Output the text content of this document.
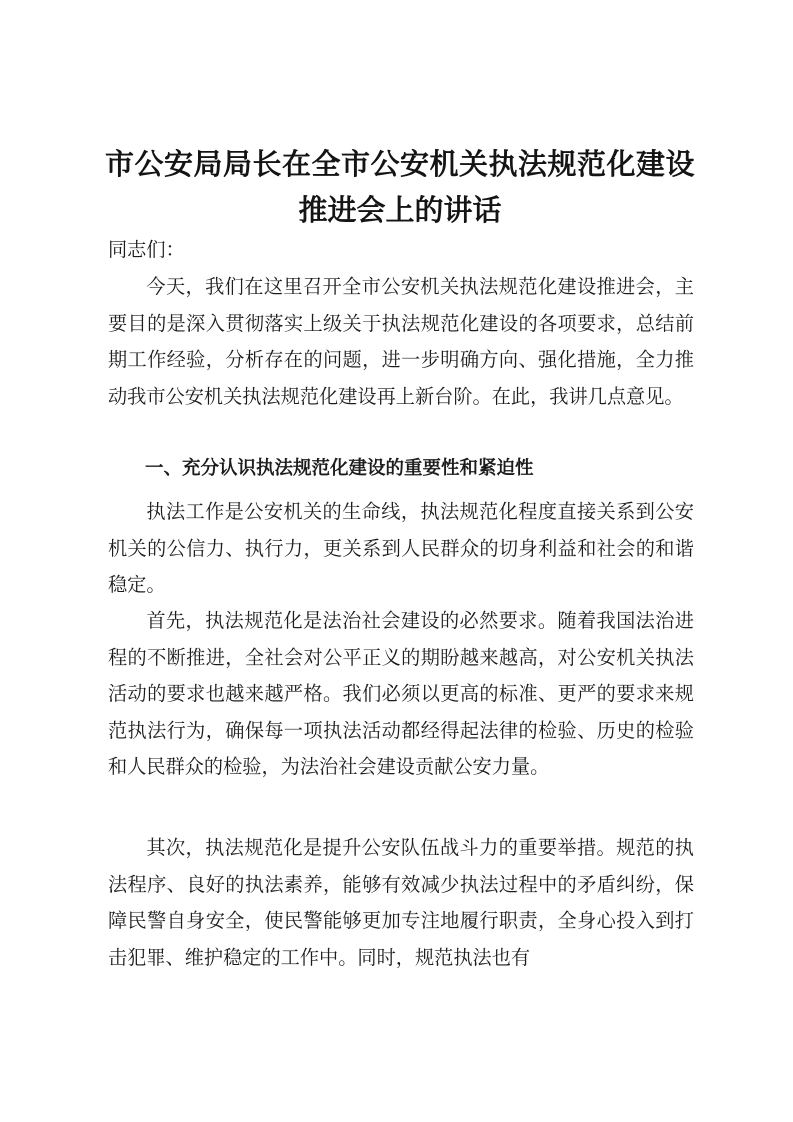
市公安局局长在全市公安机关执法规范化建设
推进会上的讲话

同志们：

今天，我们在这里召开全市公安机关执法规范化建设推进会，主要目的是深入贯彻落实上级关于执法规范化建设的各项要求，总结前期工作经验，分析存在的问题，进一步明确方向、强化措施，全力推动我市公安机关执法规范化建设再上新台阶。在此，我讲几点意见。

一、充分认识执法规范化建设的重要性和紧迫性

执法工作是公安机关的生命线，执法规范化程度直接关系到公安机关的公信力、执行力，更关系到人民群众的切身利益和社会的和谐稳定。

首先，执法规范化是法治社会建设的必然要求。随着我国法治进程的不断推进，全社会对公平正义的期盼越来越高，对公安机关执法活动的要求也越来越严格。我们必须以更高的标准、更严的要求来规范执法行为，确保每一项执法活动都经得起法律的检验、历史的检验和人民群众的检验，为法治社会建设贡献公安力量。

其次，执法规范化是提升公安队伍战斗力的重要举措。规范的执法程序、良好的执法素养，能够有效减少执法过程中的矛盾纠纷，保障民警自身安全，使民警能够更加专注地履行职责，全身心投入到打击犯罪、维护稳定的工作中。同时，规范执法也有
